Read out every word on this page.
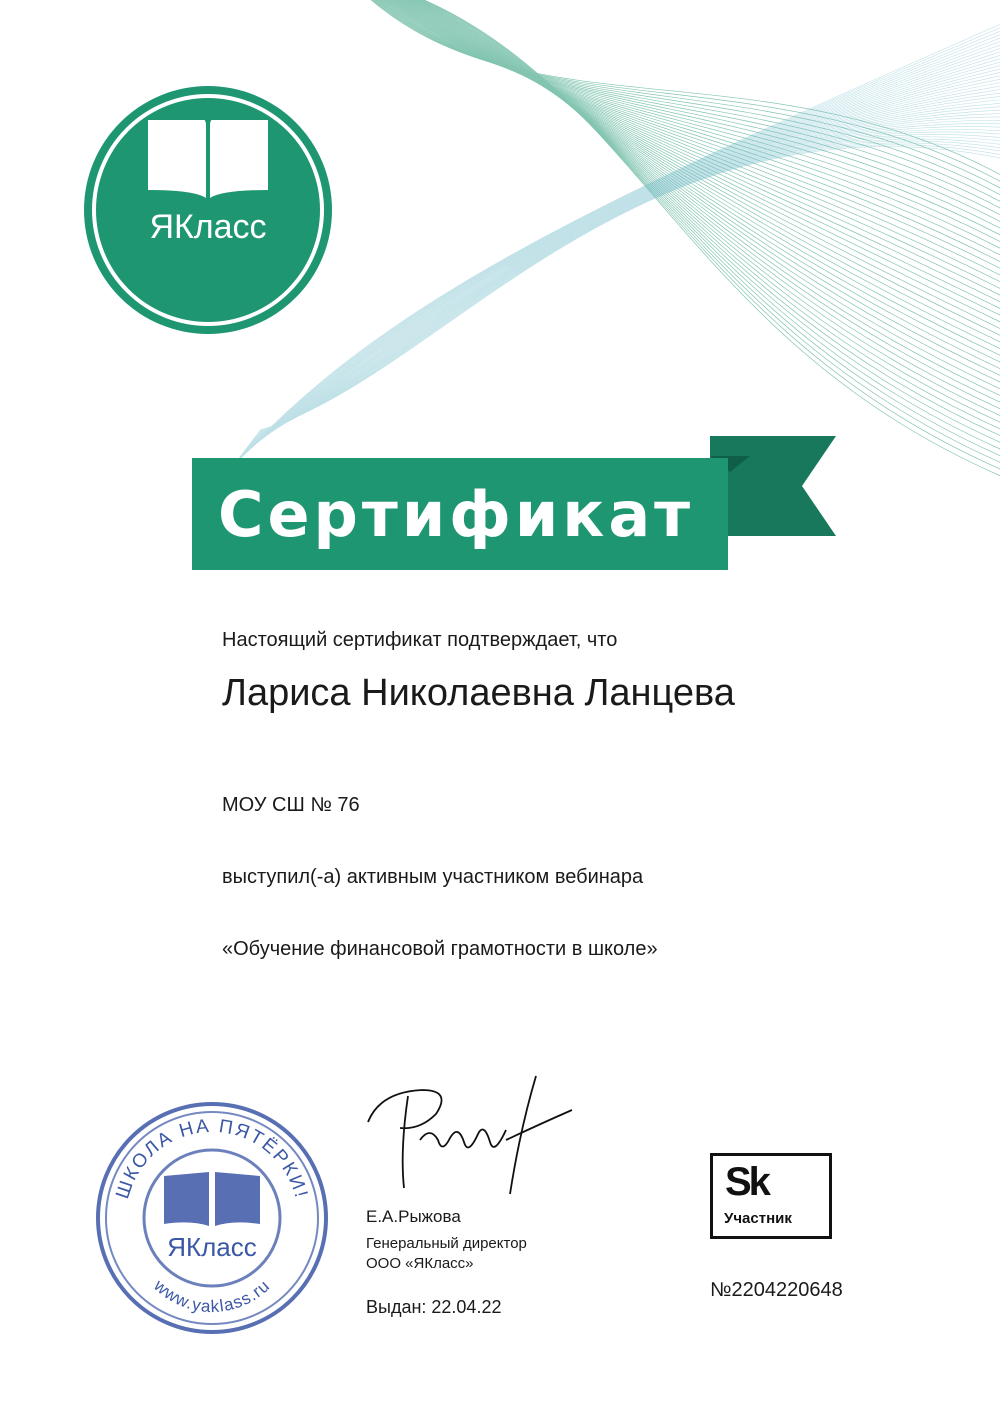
ЯКласс
Сертификат

Настоящий сертификат подтверждает, что

Лариса Николаевна Ланцева

МОУ СШ № 76

выступил(-а) активным участником вебинара

«Обучение финансовой грамотности в школе»

ШКОЛА НА ПЯТЁРКИ!
www.yaklass.ru
ЯКласс

Е.А.Рыжова

Генеральный директор

ООО «ЯКласс»

Выдан: 22.04.22
Sk
Участник
№2204220648
